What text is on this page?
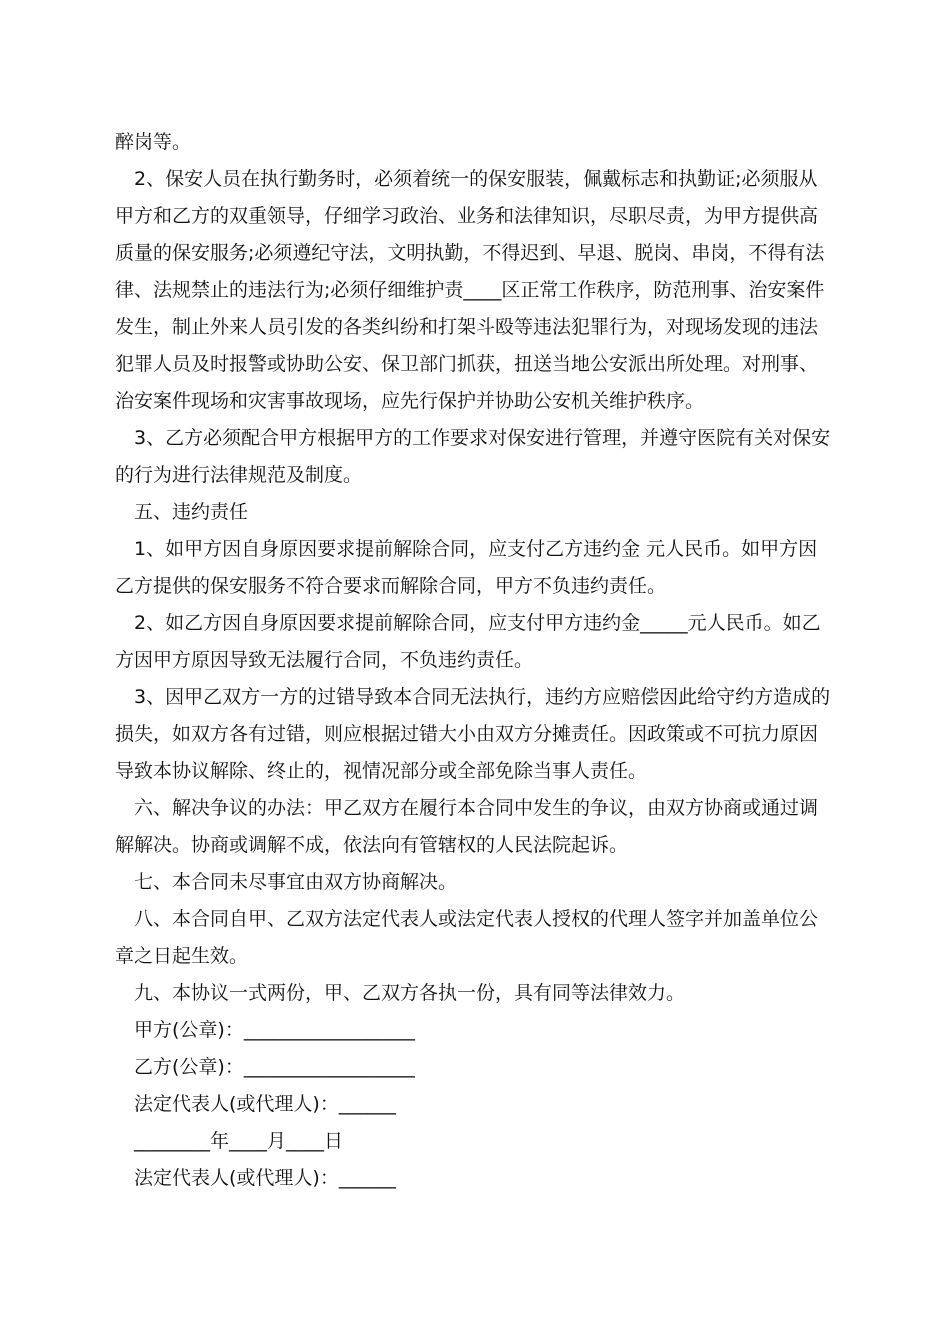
醉岗等。
2、保安人员在执行勤务时，必须着统一的保安服装，佩戴标志和执勤证;必须服从
甲方和乙方的双重领导，仔细学习政治、业务和法律知识，尽职尽责，为甲方提供高
质量的保安服务;必须遵纪守法，文明执勤，不得迟到、早退、脱岗、串岗，不得有法
律、法规禁止的违法行为;必须仔细维护责____区正常工作秩序，防范刑事、治安案件
发生，制止外来人员引发的各类纠纷和打架斗殴等违法犯罪行为，对现场发现的违法
犯罪人员及时报警或协助公安、保卫部门抓获，扭送当地公安派出所处理。对刑事、
治安案件现场和灾害事故现场，应先行保护并协助公安机关维护秩序。
3、乙方必须配合甲方根据甲方的工作要求对保安进行管理，并遵守医院有关对保安
的行为进行法律规范及制度。
五、违约责任
1、如甲方因自身原因要求提前解除合同，应支付乙方违约金 元人民币。如甲方因
乙方提供的保安服务不符合要求而解除合同，甲方不负违约责任。
2、如乙方因自身原因要求提前解除合同，应支付甲方违约金_____元人民币。如乙
方因甲方原因导致无法履行合同，不负违约责任。
3、因甲乙双方一方的过错导致本合同无法执行，违约方应赔偿因此给守约方造成的
损失，如双方各有过错，则应根据过错大小由双方分摊责任。因政策或不可抗力原因
导致本协议解除、终止的，视情况部分或全部免除当事人责任。
六、解决争议的办法：甲乙双方在履行本合同中发生的争议，由双方协商或通过调
解解决。协商或调解不成，依法向有管辖权的人民法院起诉。
七、本合同未尽事宜由双方协商解决。
八、本合同自甲、乙双方法定代表人或法定代表人授权的代理人签字并加盖单位公
章之日起生效。
九、本协议一式两份，甲、乙双方各执一份，具有同等法律效力。
甲方(公章)：__________________
乙方(公章)：__________________
法定代表人(或代理人)：______
________年____月____日
法定代表人(或代理人)：______
